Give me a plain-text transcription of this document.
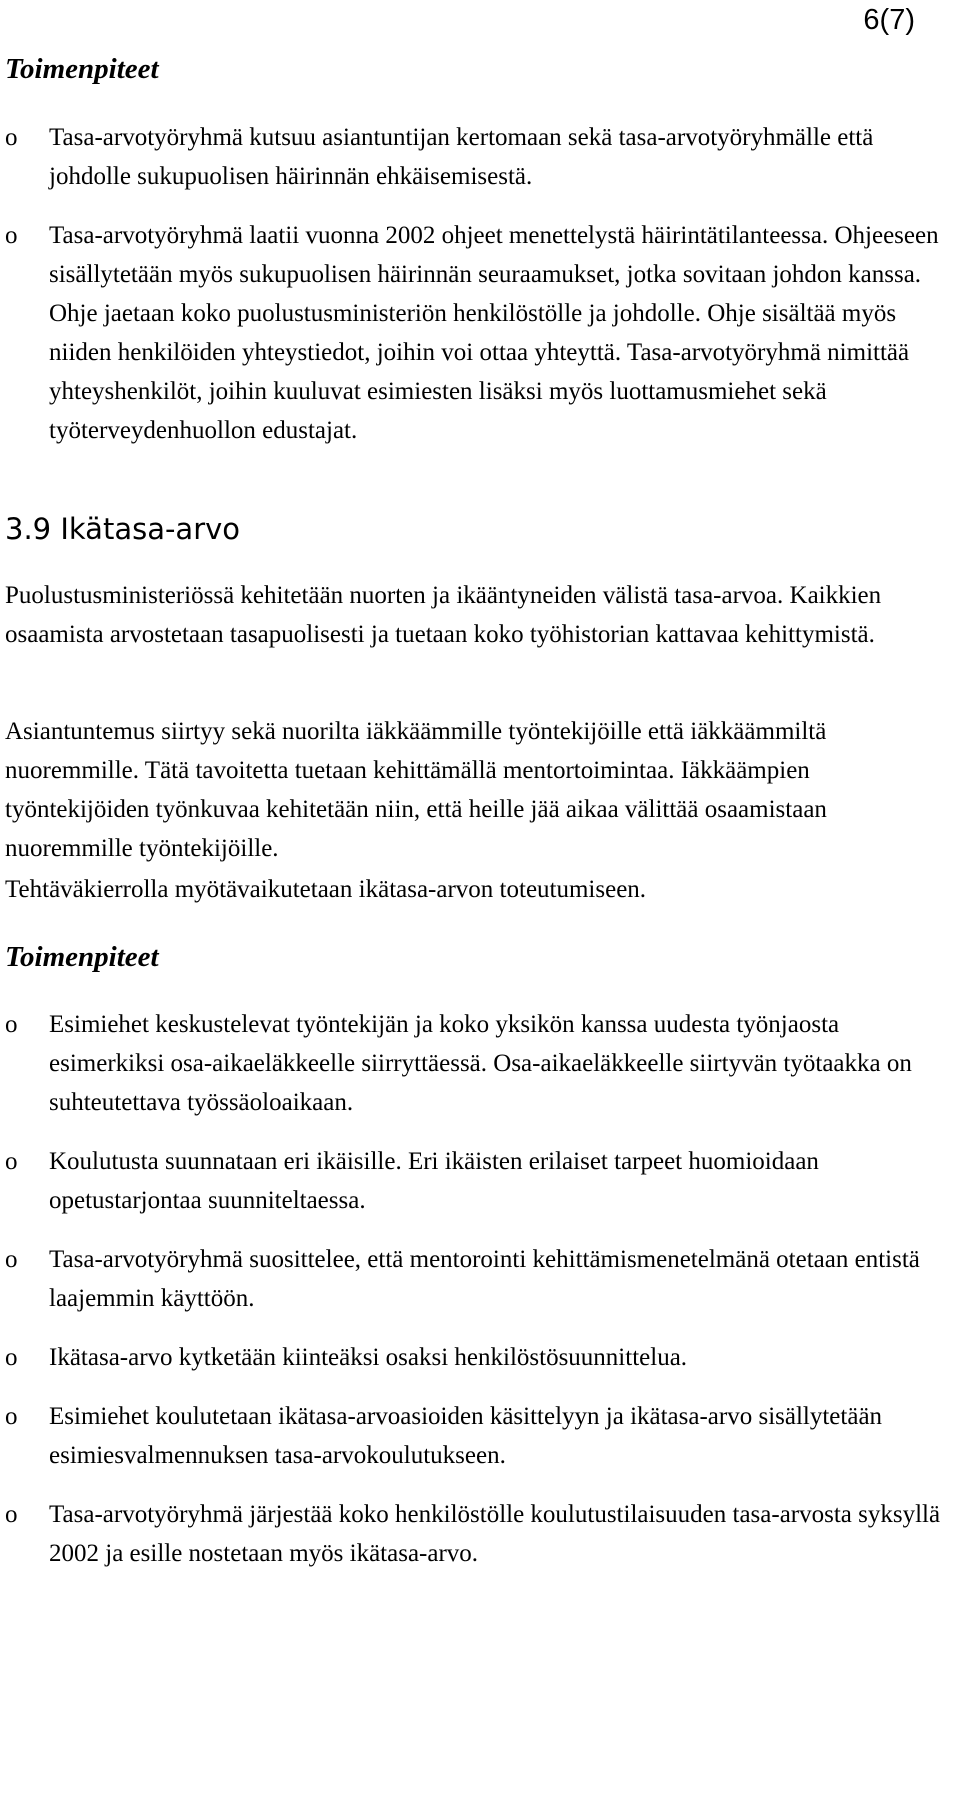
6(7)
Toimenpiteet
o Tasa-arvotyöryhmä kutsuu asiantuntijan kertomaan sekä tasa-arvotyöryhmälle että johdolle sukupuolisen häirinnän ehkäisemisestä.
o Tasa-arvotyöryhmä laatii vuonna 2002 ohjeet menettelystä häirintätilanteessa. Ohjeeseen sisällytetään myös sukupuolisen häirinnän seuraamukset, jotka sovitaan johdon kanssa. Ohje jaetaan koko puolustusministeriön henkilöstölle ja johdolle. Ohje sisältää myös niiden henkilöiden yhteystiedot, joihin voi ottaa yhteyttä. Tasa-arvotyöryhmä nimittää yhteyshenkilöt, joihin kuuluvat esimiesten lisäksi myös luottamusmiehet sekä työterveydenhuollon edustajat.
3.9 Ikätasa-arvo

Puolustusministeriössä kehitetään nuorten ja ikääntyneiden välistä tasa-arvoa. Kaikkien osaamista arvostetaan tasapuolisesti ja tuetaan koko työhistorian kattavaa kehittymistä.

Asiantuntemus siirtyy sekä nuorilta iäkkäämmille työntekijöille että iäkkäämmiltä nuoremmille. Tätä tavoitetta tuetaan kehittämällä mentortoimintaa. Iäkkäämpien työntekijöiden työnkuvaa kehitetään niin, että heille jää aikaa välittää osaamistaan nuoremmille työntekijöille.

Tehtäväkierrolla myötävaikutetaan ikätasa-arvon toteutumiseen.

Toimenpiteet
o Esimiehet keskustelevat työntekijän ja koko yksikön kanssa uudesta työnjaosta esimerkiksi osa-aikaeläkkeelle siirryttäessä. Osa-aikaeläkkeelle siirtyvän työtaakka on suhteutettava työssäoloaikaan.
o Koulutusta suunnataan eri ikäisille. Eri ikäisten erilaiset tarpeet huomioidaan opetustarjontaa suunniteltaessa.
o Tasa-arvotyöryhmä suosittelee, että mentorointi kehittämismenetelmänä otetaan entistä laajemmin käyttöön.
o Ikätasa-arvo kytketään kiinteäksi osaksi henkilöstösuunnittelua.
o Esimiehet koulutetaan ikätasa-arvoasioiden käsittelyyn ja ikätasa-arvo sisällytetään esimiesvalmennuksen tasa-arvokoulutukseen.
o Tasa-arvotyöryhmä järjestää koko henkilöstölle koulutustilaisuuden tasa-arvosta syksyllä 2002 ja esille nostetaan myös ikätasa-arvo.
